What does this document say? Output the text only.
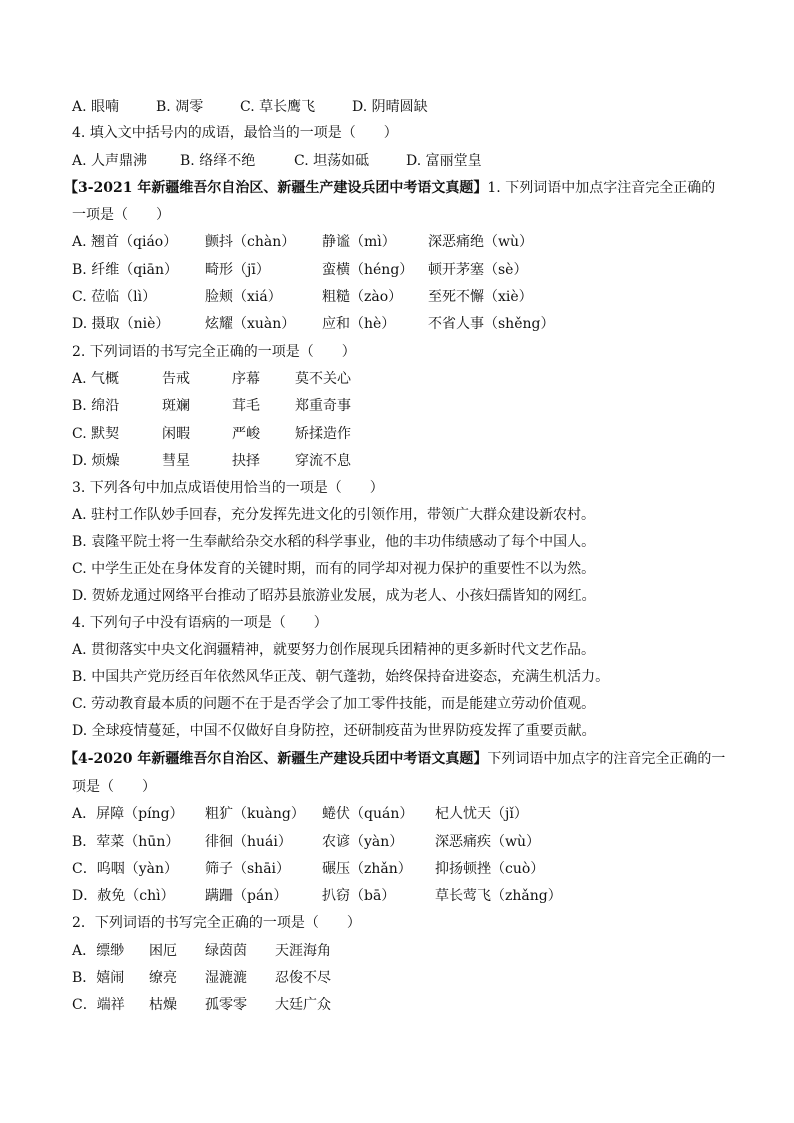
A. 眼喃	B. 凋零	C. 草长鹰飞	D. 阴晴圆缺
4. 填入文中括号内的成语，最恰当的一项是（　　）
A. 人声鼎沸 B. 络绎不绝	C. 坦荡如砥	D. 富丽堂皇
【3-2021 年新疆维吾尔自治区、新疆生产建设兵团中考语文真题】1. 下列词语中加点字注音完全正确的
一项是（　　）
A. 翘首（qiáo） 颤抖（chàn） 静谧（mì） 深恶痛绝（wù）
B. 纤维（qiān） 畸形（jī）	蛮横（héng） 顿开茅塞（sè）
C. 莅临（lì）	脸颊（xiá）	粗糙（zào） 至死不懈（xiè）
D. 摄取（niè）	炫耀（xuàn） 应和（hè） 不省人事（shěng）
2. 下列词语的书写完全正确的一项是（　　）
A. 气概	告戒	序幕	莫不关心
B. 绵沿	斑斓	茸毛	郑重奇事
C. 默契	闲暇	严峻	矫揉造作
D. 烦燥	彗星	抉择	穿流不息
3. 下列各句中加点成语使用恰当的一项是（　　）
A. 驻村工作队妙手回春，充分发挥先进文化的引领作用，带领广大群众建设新农村。
B. 袁隆平院士将一生奉献给杂交水稻的科学事业，他的丰功伟绩感动了每个中国人。
C. 中学生正处在身体发育的关键时期，而有的同学却对视力保护的重要性不以为然。
D. 贺娇龙通过网络平台推动了昭苏县旅游业发展，成为老人、小孩妇孺皆知的网红。
4. 下列句子中没有语病的一项是（　　）
A. 贯彻落实中央文化润疆精神，就要努力创作展现兵团精神的更多新时代文艺作品。
B. 中国共产党历经百年依然风华正茂、朝气蓬勃，始终保持奋进姿态，充满生机活力。
C. 劳动教育最本质的问题不在于是否学会了加工零件技能，而是能建立劳动价值观。
D. 全球疫情蔓延，中国不仅做好自身防控，还研制疫苗为世界防疫发挥了重要贡献。
【4-2020 年新疆维吾尔自治区、新疆生产建设兵团中考语文真题】下列词语中加点字的注音完全正确的一
项是（　　）
A．屏障（píng） 粗犷（kuàng） 蜷伏（quán） 杞人忧天（jǐ）
B．荤菜（hūn） 徘徊（huái） 农谚（yàn） 深恶痛疾（wù）
C．呜咽（yàn） 筛子（shāi） 碾压（zhǎn） 抑扬顿挫（cuò）
D．赦免（chì） 蹒跚（pán） 扒窃（bā）	草长莺飞（zhǎng）
2．下列词语的书写完全正确的一项是（　　）
A．缥缈 困厄 绿茵茵 天涯海角
B．嬉闹 缭亮 湿漉漉 忍俊不尽
C．端祥 枯燥 孤零零 大廷广众
